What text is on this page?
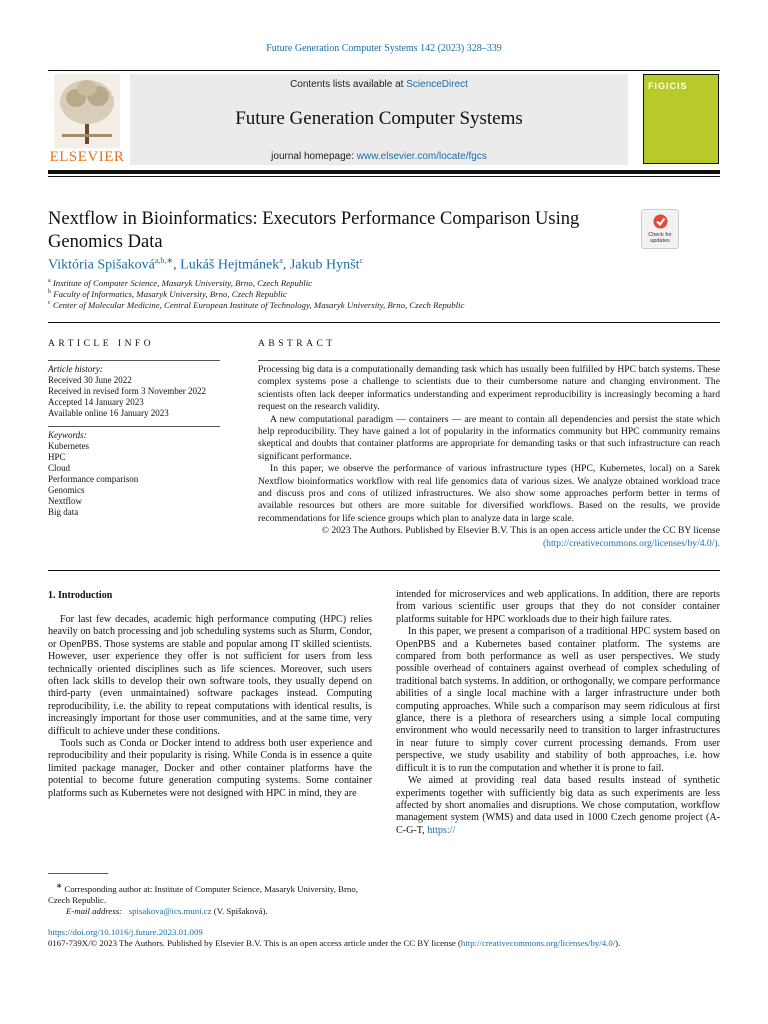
Future Generation Computer Systems 142 (2023) 328–339
ELSEVIER
Contents lists available at ScienceDirect
Future Generation Computer Systems
journal homepage: www.elsevier.com/locate/fgcs
FIGICIS
Nextflow in Bioinformatics: Executors Performance Comparison Using Genomics Data	Check for updates
Viktória Spišaková$^{a,b,∗}$, Lukáš Hejtmánek$^a$, Jakub Hynšt$^c$
$^a$ Institute of Computer Science, Masaryk University, Brno, Czech Republic
$^b$ Faculty of Informatics, Masaryk University, Brno, Czech Republic
$^c$ Center of Molecular Medicine, Central European Institute of Technology, Masaryk University, Brno, Czech Republic
ARTICLE INFO
Article history:
Received 30 June 2022
Received in revised form 3 November 2022
Accepted 14 January 2023
Available online 16 January 2023
Keywords:
Kubernetes
HPC
Cloud
Performance comparison
Genomics
Nextflow
Big data
ABSTRACT

Processing big data is a computationally demanding task which has usually been fulfilled by HPC batch systems. These complex systems pose a challenge to scientists due to their cumbersome nature and changing environment. The scientists often lack deeper informatics understanding and experiment reproducibility is increasingly becoming a hard request on the research validity.

A new computational paradigm — containers — are meant to contain all dependencies and persist the state which help reproducibility. They have gained a lot of popularity in the informatics community but HPC community remains skeptical and doubts that container platforms are appropriate for demanding tasks or that such infrastructure can reach significant performance.

In this paper, we observe the performance of various infrastructure types (HPC, Kubernetes, local) on a Sarek Nextflow bioinformatics workflow with real life genomics data of various sizes. We analyze obtained workload trace and discuss pros and cons of utilized infrastructures. We also show some approaches perform better in terms of available resources but others are more suitable for diversified workflows. Based on the results, we provide recommendations for life science groups which plan to analyze data in large scale.

© 2023 The Authors. Published by Elsevier B.V. This is an open access article under the CC BY license

(http://creativecommons.org/licenses/by/4.0/).

1. Introduction

For last few decades, academic high performance computing (HPC) relies heavily on batch processing and job scheduling systems such as Slurm, Condor, or OpenPBS. Those systems are stable and popular among IT skilled scientists. However, user experience they offer is not sufficient for users from less technically oriented disciplines such as life sciences. Moreover, such users often lack skills to develop their own software tools, they usually depend on third-party (even unmaintained) software packages instead. Computing reproducibility, i.e. the ability to repeat computations with identical results, is increasingly important for those user communities, and at the same time, very difficult to achieve under these conditions.

Tools such as Conda or Docker intend to address both user experience and reproducibility and their popularity is rising. While Conda is in essence a quite limited package manager, Docker and other container platforms have the potential to become future generation computing systems. Some container platforms such as Kubernetes were not designed with HPC in mind, they are

intended for microservices and web applications. In addition, there are reports from various scientific user groups that they do not consider container platforms suitable for HPC workloads due to their high failure rates.

In this paper, we present a comparison of a traditional HPC system based on OpenPBS and a Kubernetes based container platform. The systems are compared from both performance as well as user perspectives. We study possible overhead of containers against overhead of complex scheduling of traditional batch systems. In addition, or orthogonally, we compare performance abilities of a single local machine with a larger infrastructure under both computing approaches. While such a comparison may seem ridiculous at first glance, there is a plethora of researchers using a simple local computing environment who would necessarily need to transition to larger infrastructures in near future to simply cover current processing demands. From user perspective, we study usability and stability of both approaches, i.e. how difficult it is to run the computation and whether it is prone to fail.

We aimed at providing real data based results instead of synthetic experiments together with sufficiently big data as such experiments are less affected by short anomalies and disruptions. We chose computation, workflow management system (WMS) and data used in 1000 Czech genome project (A-C-G-T, https://

∗ Corresponding author at: Institute of Computer Science, Masaryk University, Brno, Czech Republic.
E-mail address: spisakova@ics.muni.cz (V. Spišaková).
https://doi.org/10.1016/j.future.2023.01.009
0167-739X/© 2023 The Authors. Published by Elsevier B.V. This is an open access article under the CC BY license (http://creativecommons.org/licenses/by/4.0/).
